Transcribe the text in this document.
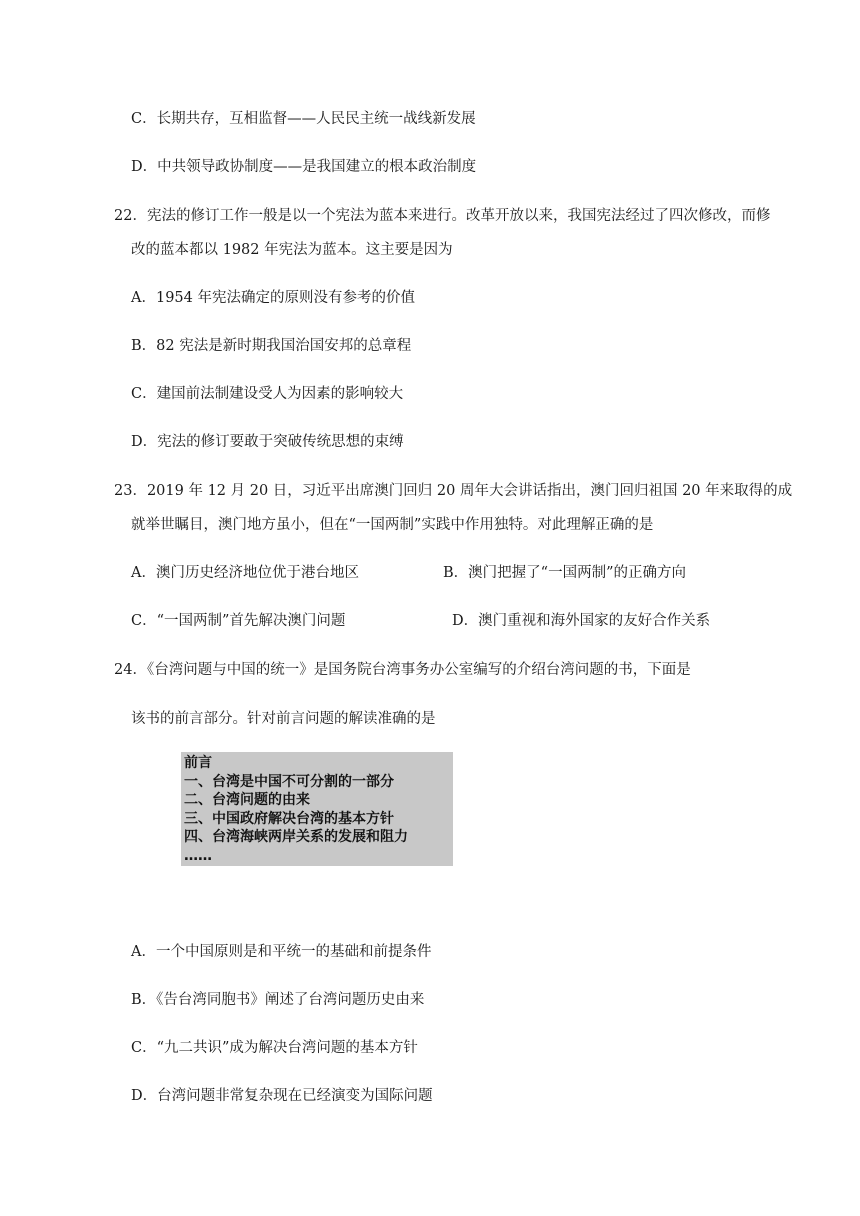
C．长期共存，互相监督——人民民主统一战线新发展
D．中共领导政协制度——是我国建立的根本政治制度
22．宪法的修订工作一般是以一个宪法为蓝本来进行。改革开放以来，我国宪法经过了四次修改，而修
改的蓝本都以 1982 年宪法为蓝本。这主要是因为
A．1954 年宪法确定的原则没有参考的价值
B．82 宪法是新时期我国治国安邦的总章程
C．建国前法制建设受人为因素的影响较大
D．宪法的修订要敢于突破传统思想的束缚
23．2019 年 12 月 20 日，习近平出席澳门回归 20 周年大会讲话指出，澳门回归祖国 20 年来取得的成
就举世瞩目，澳门地方虽小，但在“一国两制”实践中作用独特。对此理解正确的是
A．澳门历史经济地位优于港台地区	B．澳门把握了“一国两制”的正确方向
C．“一国两制”首先解决澳门问题	D．澳门重视和海外国家的友好合作关系
24．《台湾问题与中国的统一》是国务院台湾事务办公室编写的介绍台湾问题的书，下面是
该书的前言部分。针对前言问题的解读准确的是
前言
一、台湾是中国不可分割的一部分
二、台湾问题的由来
三、中国政府解决台湾的基本方针
四、台湾海峡两岸关系的发展和阻力
……
A．一个中国原则是和平统一的基础和前提条件
B．《告台湾同胞书》阐述了台湾问题历史由来
C．“九二共识”成为解决台湾问题的基本方针
D．台湾问题非常复杂现在已经演变为国际问题
